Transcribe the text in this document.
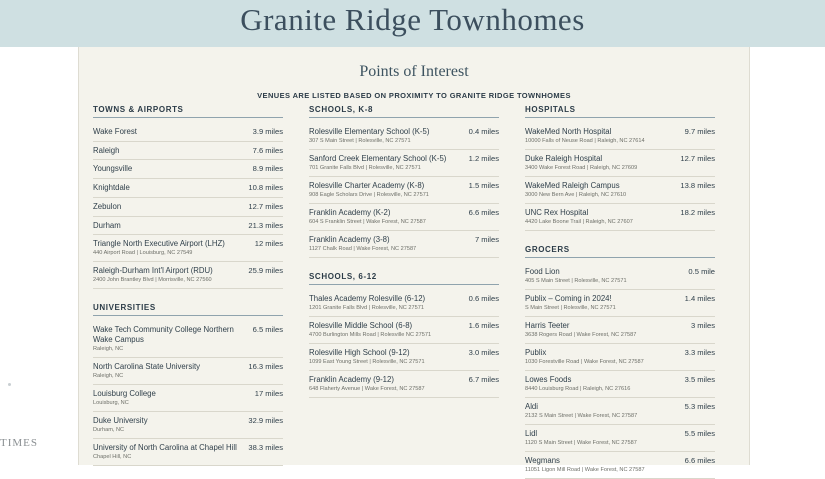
Granite Ridge Townhomes
Points of Interest
VENUES ARE LISTED BASED ON PROXIMITY TO GRANITE RIDGE TOWNHOMES
TOWNS & AIRPORTS
Wake Forest	3.9 miles
Raleigh	7.6 miles
Youngsville	8.9 miles
Knightdale	10.8 miles
Zebulon	12.7 miles
Durham	21.3 miles
Triangle North Executive Airport (LHZ)
440 Airport Road | Louisburg, NC 27549
12 miles
Raleigh-Durham Int'l Airport (RDU)
2400 John Brantley Blvd | Morrisville, NC 27560
25.9 miles
UNIVERSITIES
Wake Tech Community College Northern Wake Campus
Raleigh, NC
6.5 miles
North Carolina State University
Raleigh, NC
16.3 miles
Louisburg College
Louisburg, NC
17 miles
Duke University
Durham, NC
32.9 miles
University of North Carolina at Chapel Hill
Chapel Hill, NC
38.3 miles
SCHOOLS, K-8
Rolesville Elementary School (K-5)
307 S Main Street | Rolesville, NC 27571
0.4 miles
Sanford Creek Elementary School (K-5)
701 Granite Falls Blvd | Rolesville, NC 27571
1.2 miles
Rolesville Charter Academy (K-8)
908 Eagle Scholars Drive | Rolesville, NC 27571
1.5 miles
Franklin Academy (K-2)
604 S Franklin Street | Wake Forest, NC 27587
6.6 miles
Franklin Academy (3-8)
1127 Chalk Road | Wake Forest, NC 27587
7 miles
SCHOOLS, 6-12
Thales Academy Rolesville (6-12)
1201 Granite Falls Blvd | Rolesville, NC 27571
0.6 miles
Rolesville Middle School (6-8)
4700 Burlington Mills Road | Rolesville NC 27571
1.6 miles
Rolesville High School (9-12)
1099 East Young Street | Rolesville, NC 27571
3.0 miles
Franklin Academy (9-12)
648 Flaherty Avenue | Wake Forest, NC 27587
6.7 miles
HOSPITALS
WakeMed North Hospital
10000 Falls of Neuse Road | Raleigh, NC 27614
9.7 miles
Duke Raleigh Hospital
3400 Wake Forest Road | Raleigh, NC 27609
12.7 miles
WakeMed Raleigh Campus
3000 New Bern Ave | Raleigh, NC 27610
13.8 miles
UNC Rex Hospital
4420 Lake Boone Trail | Raleigh, NC 27607
18.2 miles
GROCERS
Food Lion
405 S Main Street | Rolesville, NC 27571
0.5 mile
Publix – Coming in 2024!
S Main Street | Rolesville, NC 27571
1.4 miles
Harris Teeter
3638 Rogers Road | Wake Forest, NC 27587
3 miles
Publix
1030 Forestville Road | Wake Forest, NC 27587
3.3 miles
Lowes Foods
8440 Louisburg Road | Raleigh, NC 27616
3.5 miles
Aldi
2132 S Main Street | Wake Forest, NC 27587
5.3 miles
Lidl
1120 S Main Street | Wake Forest, NC 27587
5.5 miles
Wegmans
11051 Ligon Mill Road | Wake Forest, NC 27587
6.6 miles
TIMES
